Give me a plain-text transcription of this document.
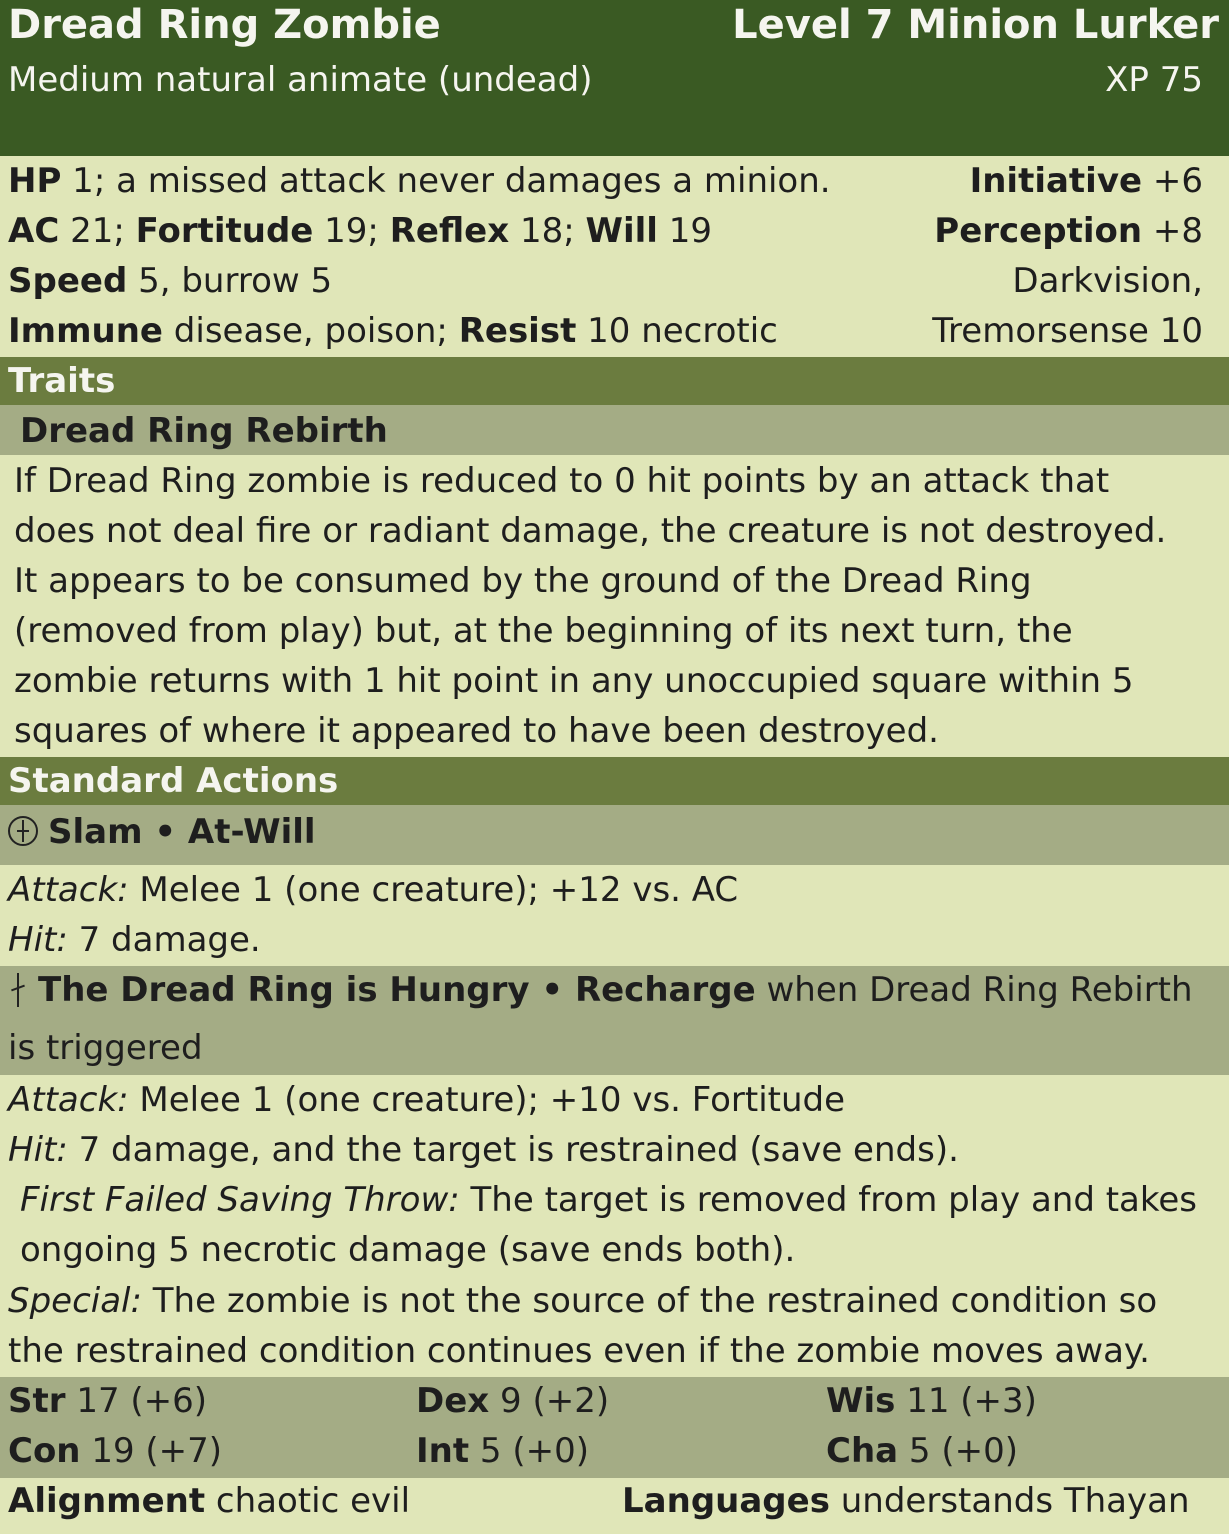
Dread Ring Zombie	Level 7 Minion Lurker
Medium natural animate (undead)	XP 75
HP 1; a missed attack never damages a minion.	Initiative +6
AC 21; Fortitude 19; Reflex 18; Will 19	Perception +8
Speed 5, burrow 5	Darkvision,
Immune disease, poison; Resist 10 necrotic	Tremorsense 10
Traits
Dread Ring Rebirth
If Dread Ring zombie is reduced to 0 hit points by an attack that
does not deal fire or radiant damage, the creature is not destroyed.
It appears to be consumed by the ground of the Dread Ring
(removed from play) but, at the beginning of its next turn, the
zombie returns with 1 hit point in any unoccupied square within 5
squares of where it appeared to have been destroyed.
Standard Actions
Slam • At-Will
Attack: Melee 1 (one creature); +12 vs. AC
Hit: 7 damage.
The Dread Ring is Hungry • Recharge when Dread Ring Rebirth
is triggered
Attack: Melee 1 (one creature); +10 vs. Fortitude
Hit: 7 damage, and the target is restrained (save ends).
First Failed Saving Throw: The target is removed from play and takes
ongoing 5 necrotic damage (save ends both).
Special: The zombie is not the source of the restrained condition so
the restrained condition continues even if the zombie moves away.
Str 17 (+6)	Dex 9 (+2)	Wis 11 (+3)
Con 19 (+7)	Int 5 (+0)	Cha 5 (+0)
Alignment chaotic evil	Languages understands Thayan
